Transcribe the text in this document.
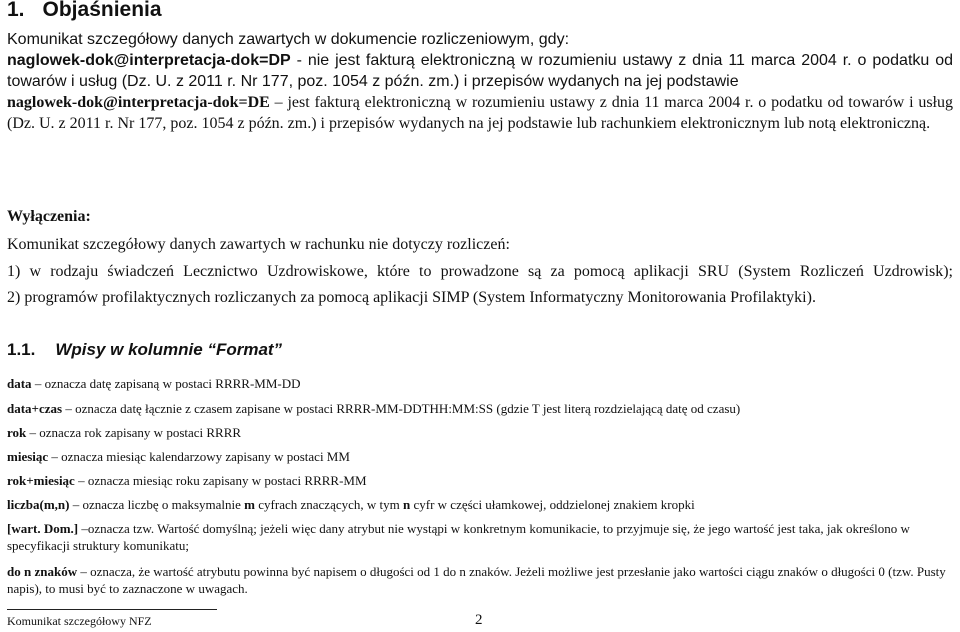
1. Objaśnienia

Komunikat szczegółowy danych zawartych w dokumencie rozliczeniowym, gdy:
naglowek-dok@interpretacja-dok=DP - nie jest fakturą elektroniczną w rozumieniu ustawy z dnia 11 marca 2004 r. o podatku od towarów i usług (Dz. U. z 2011 r. Nr 177, poz. 1054 z późn. zm.) i przepisów wydanych na jej podstawie

naglowek-dok@interpretacja-dok=DE – jest fakturą elektroniczną w rozumieniu ustawy z dnia 11 marca 2004 r. o podatku od towarów i usług (Dz. U. z 2011 r. Nr 177, poz. 1054 z późn. zm.) i przepisów wydanych na jej podstawie lub rachunkiem elektronicznym lub notą elektroniczną.

Wyłączenia:

Komunikat szczegółowy danych zawartych w rachunku nie dotyczy rozliczeń:

1) w rodzaju świadczeń Lecznictwo Uzdrowiskowe, które to prowadzone są za pomocą aplikacji SRU (System Rozliczeń Uzdrowisk);

2) programów profilaktycznych rozliczanych za pomocą aplikacji SIMP (System Informatyczny Monitorowania Profilaktyki).

1.1. Wpisy w kolumnie “Format”

data – oznacza datę zapisaną w postaci RRRR-MM-DD

data+czas – oznacza datę łącznie z czasem zapisane w postaci RRRR-MM-DDTHH:MM:SS (gdzie T jest literą rozdzielającą datę od czasu)

rok – oznacza rok zapisany w postaci RRRR

miesiąc – oznacza miesiąc kalendarzowy zapisany w postaci MM

rok+miesiąc – oznacza miesiąc roku zapisany w postaci RRRR-MM

liczba(m,n) – oznacza liczbę o maksymalnie m cyfrach znaczących, w tym n cyfr w części ułamkowej, oddzielonej znakiem kropki

[wart. Dom.] –oznacza tzw. Wartość domyślną; jeżeli więc dany atrybut nie wystąpi w konkretnym komunikacie, to przyjmuje się, że jego wartość jest taka, jak określono w specyfikacji struktury komunikatu;

do n znaków – oznacza, że wartość atrybutu powinna być napisem o długości od 1 do n znaków. Jeżeli możliwe jest przesłanie jako wartości ciągu znaków o długości 0 (tzw. Pusty napis), to musi być to zaznaczone w uwagach.

Komunikat szczegółowy NFZ	2
